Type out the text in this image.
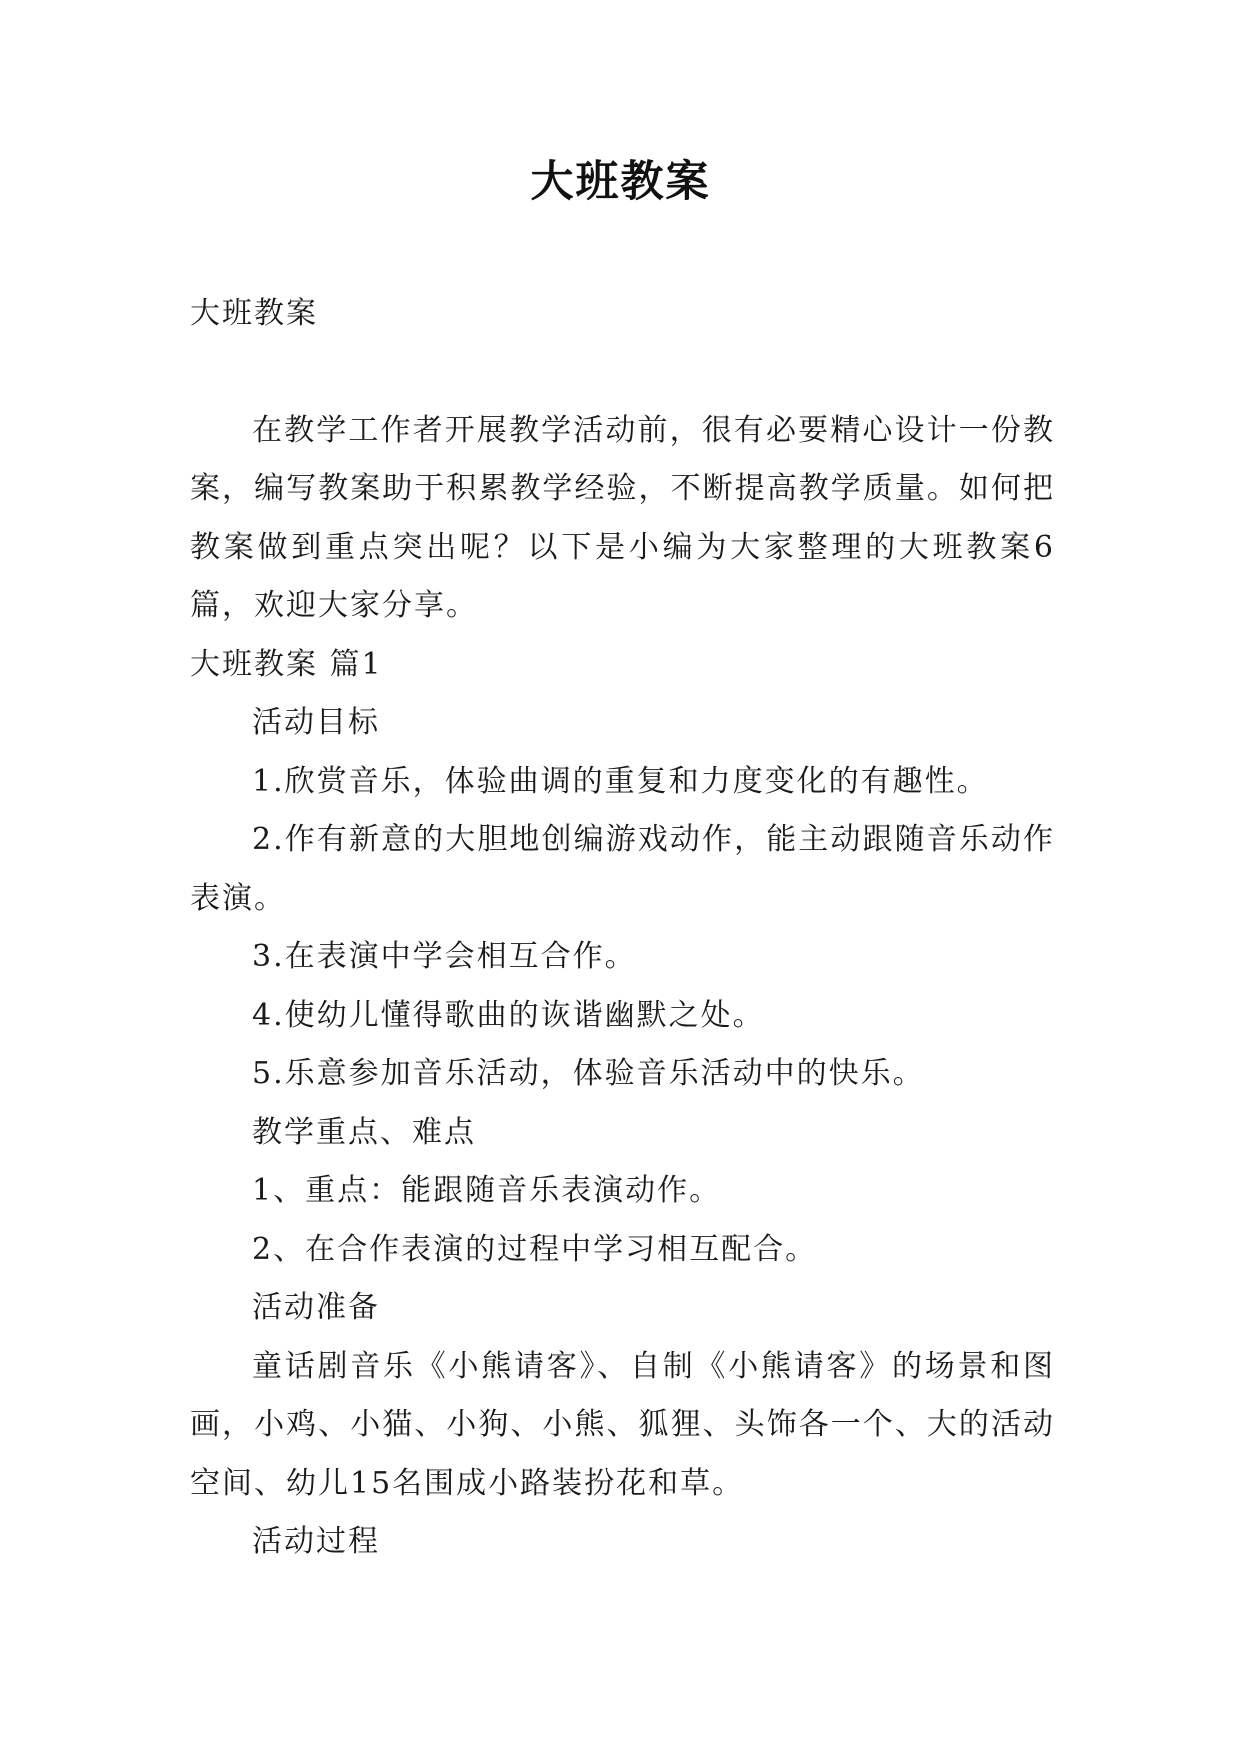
大班教案

大班教案

在教学工作者开展教学活动前，很有必要精心设计一份教案，编写教案助于积累教学经验，不断提高教学质量。如何把教案做到重点突出呢？以下是小编为大家整理的大班教案6篇，欢迎大家分享。

大班教案 篇1

活动目标

1.欣赏音乐，体验曲调的重复和力度变化的有趣性。

2.作有新意的大胆地创编游戏动作，能主动跟随音乐动作表演。

3.在表演中学会相互合作。

4.使幼儿懂得歌曲的诙谐幽默之处。

5.乐意参加音乐活动，体验音乐活动中的快乐。

教学重点、难点

1、重点：能跟随音乐表演动作。

2、在合作表演的过程中学习相互配合。

活动准备

童话剧音乐《小熊请客》、自制《小熊请客》的场景和图画，小鸡、小猫、小狗、小熊、狐狸、头饰各一个、大的活动空间、幼儿15名围成小路装扮花和草。

活动过程
